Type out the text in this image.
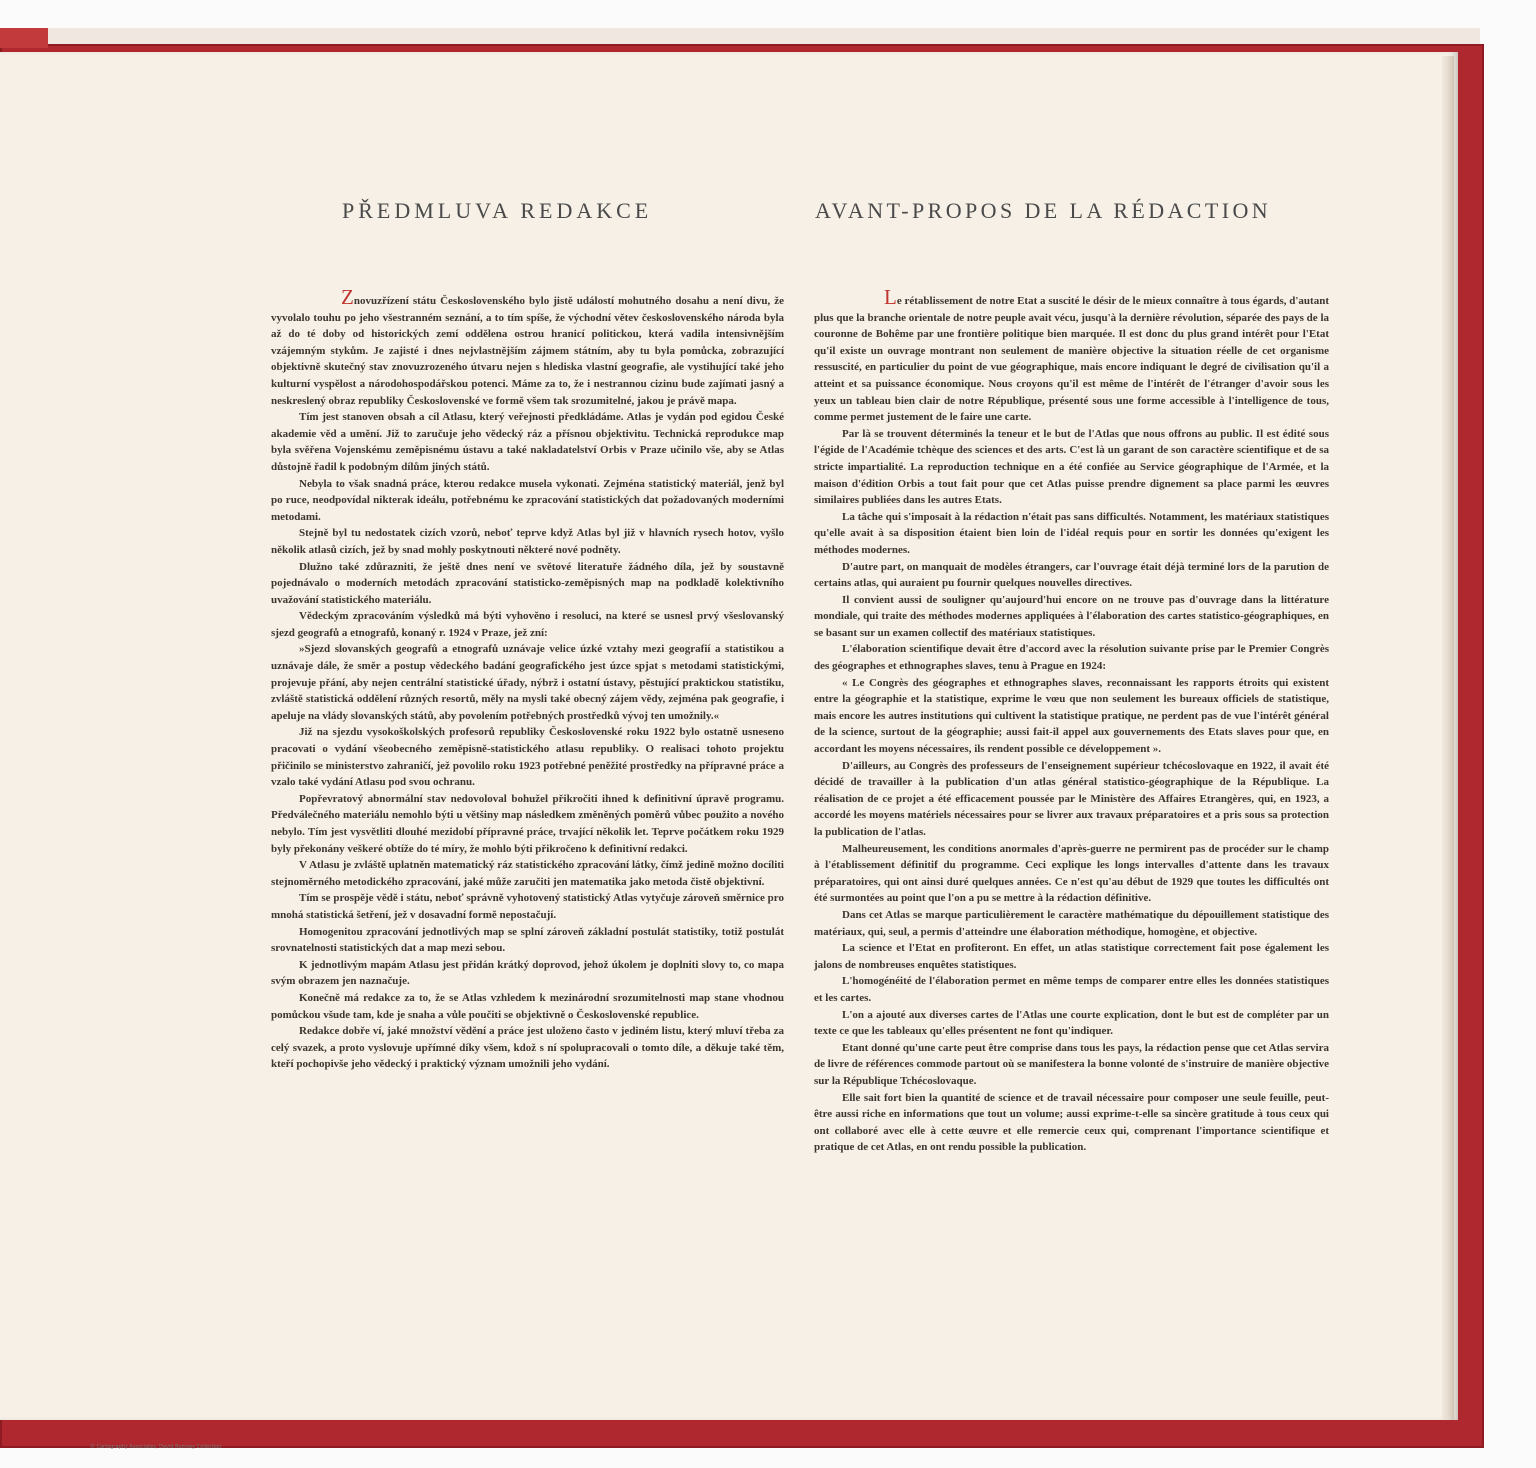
PŘEDMLUVA REDAKCE	AVANT-PROPOS DE LA RÉDACTION

Znovuzřízení státu Československého bylo jistě událostí mohutného dosahu a není divu, že vyvolalo touhu po jeho všestranném seznání, a to tím spíše, že východní větev československého národa byla až do té doby od historických zemí oddělena ostrou hranicí politickou, která vadila intensivnějším vzájemným stykům. Je zajisté i dnes nejvlastnějším zájmem státním, aby tu byla pomůcka, zobrazující objektivně skutečný stav znovuzrozeného útvaru nejen s hlediska vlastní geografie, ale vystihující také jeho kulturní vyspělost a národohospodářskou potenci. Máme za to, že i nestrannou cizinu bude zajímati jasný a neskreslený obraz republiky Československé ve formě všem tak srozumitelné, jakou je právě mapa.

Tím jest stanoven obsah a cíl Atlasu, který veřejnosti předkládáme. Atlas je vydán pod egidou České akademie věd a umění. Již to zaručuje jeho vědecký ráz a přísnou objektivitu. Technická reprodukce map byla svěřena Vojenskému zeměpisnému ústavu a také nakladatelství Orbis v Praze učinilo vše, aby se Atlas důstojně řadil k podobným dílům jiných států.

Nebyla to však snadná práce, kterou redakce musela vykonati. Zejména statistický materiál, jenž byl po ruce, neodpovídal nikterak ideálu, potřebnému ke zpracování statistických dat požadovaných moderními metodami.

Stejně byl tu nedostatek cizích vzorů, neboť teprve když Atlas byl již v hlavních rysech hotov, vyšlo několik atlasů cizích, jež by snad mohly poskytnouti některé nové podněty.

Dlužno také zdůrazniti, že ještě dnes není ve světové literatuře žádného díla, jež by soustavně pojednávalo o moderních metodách zpracování statisticko-zeměpisných map na podkladě kolektivního uvažování statistického materiálu.

Vědeckým zpracováním výsledků má býti vyhověno i resoluci, na které se usnesl prvý všeslovanský sjezd geografů a etnografů, konaný r. 1924 v Praze, jež zní:

»Sjezd slovanských geografů a etnografů uznávaje velice úzké vztahy mezi geografií a statistikou a uznávaje dále, že směr a postup vědeckého badání geografického jest úzce spjat s metodami statistickými, projevuje přání, aby nejen centrální statistické úřady, nýbrž i ostatní ústavy, pěstující praktickou statistiku, zvláště statistická oddělení různých resortů, měly na mysli také obecný zájem vědy, zejména pak geografie, i apeluje na vlády slovanských států, aby povolením potřebných prostředků vývoj ten umožnily.«

Již na sjezdu vysokoškolských profesorů republiky Československé roku 1922 bylo ostatně usneseno pracovati o vydání všeobecného zeměpisně-statistického atlasu republiky. O realisaci tohoto projektu přičinilo se ministerstvo zahraničí, jež povolilo roku 1923 potřebné peněžité prostředky na přípravné práce a vzalo také vydání Atlasu pod svou ochranu.

Popřevratový abnormální stav nedovoloval bohužel přikročiti ihned k definitivní úpravě programu. Předválečného materiálu nemohlo býti u většiny map následkem změněných poměrů vůbec použito a nového nebylo. Tím jest vysvětliti dlouhé mezidobí přípravné práce, trvající několik let. Teprve počátkem roku 1929 byly překonány veškeré obtíže do té míry, že mohlo býti přikročeno k definitivní redakci.

V Atlasu je zvláště uplatněn matematický ráz statistického zpracování látky, čímž jedině možno docíliti stejnoměrného metodického zpracování, jaké může zaručiti jen matematika jako metoda čistě objektivní.

Tím se prospěje vědě i státu, neboť správně vyhotovený statistický Atlas vytyčuje zároveň směrnice pro mnohá statistická šetření, jež v dosavadní formě nepostačují.

Homogenitou zpracování jednotlivých map se splní zároveň základní postulát statistiky, totiž postulát srovnatelnosti statistických dat a map mezi sebou.

K jednotlivým mapám Atlasu jest přidán krátký doprovod, jehož úkolem je doplniti slovy to, co mapa svým obrazem jen naznačuje.

Konečně má redakce za to, že se Atlas vzhledem k mezinárodní srozumitelnosti map stane vhodnou pomůckou všude tam, kde je snaha a vůle poučiti se objektivně o Československé republice.

Redakce dobře ví, jaké množství vědění a práce jest uloženo často v jediném listu, který mluví třeba za celý svazek, a proto vyslovuje upřímné díky všem, kdož s ní spolupracovali o tomto díle, a děkuje také těm, kteří pochopivše jeho vědecký i praktický význam umožnili jeho vydání.

Le rétablissement de notre Etat a suscité le désir de le mieux connaître à tous égards, d'autant plus que la branche orientale de notre peuple avait vécu, jusqu'à la dernière révolution, séparée des pays de la couronne de Bohême par une frontière politique bien marquée. Il est donc du plus grand intérêt pour l'Etat qu'il existe un ouvrage montrant non seulement de manière objective la situation réelle de cet organisme ressuscité, en particulier du point de vue géographique, mais encore indiquant le degré de civilisation qu'il a atteint et sa puissance économique. Nous croyons qu'il est même de l'intérêt de l'étranger d'avoir sous les yeux un tableau bien clair de notre République, présenté sous une forme accessible à l'intelligence de tous, comme permet justement de le faire une carte.

Par là se trouvent déterminés la teneur et le but de l'Atlas que nous offrons au public. Il est édité sous l'égide de l'Académie tchèque des sciences et des arts. C'est là un garant de son caractère scientifique et de sa stricte impartialité. La reproduction technique en a été confiée au Service géographique de l'Armée, et la maison d'édition Orbis a tout fait pour que cet Atlas puisse prendre dignement sa place parmi les œuvres similaires publiées dans les autres Etats.

La tâche qui s'imposait à la rédaction n'était pas sans difficultés. Notamment, les matériaux statistiques qu'elle avait à sa disposition étaient bien loin de l'idéal requis pour en sortir les données qu'exigent les méthodes modernes.

D'autre part, on manquait de modèles étrangers, car l'ouvrage était déjà terminé lors de la parution de certains atlas, qui auraient pu fournir quelques nouvelles directives.

Il convient aussi de souligner qu'aujourd'hui encore on ne trouve pas d'ouvrage dans la littérature mondiale, qui traite des méthodes modernes appliquées à l'élaboration des cartes statistico-géographiques, en se basant sur un examen collectif des matériaux statistiques.

L'élaboration scientifique devait être d'accord avec la résolution suivante prise par le Premier Congrès des géographes et ethnographes slaves, tenu à Prague en 1924:

« Le Congrès des géographes et ethnographes slaves, reconnaissant les rapports étroits qui existent entre la géographie et la statistique, exprime le vœu que non seulement les bureaux officiels de statistique, mais encore les autres institutions qui cultivent la statistique pratique, ne perdent pas de vue l'intérêt général de la science, surtout de la géographie; aussi fait-il appel aux gouvernements des Etats slaves pour que, en accordant les moyens nécessaires, ils rendent possible ce développement ».

D'ailleurs, au Congrès des professeurs de l'enseignement supérieur tchécoslovaque en 1922, il avait été décidé de travailler à la publication d'un atlas général statistico-géographique de la République. La réalisation de ce projet a été efficacement poussée par le Ministère des Affaires Etrangères, qui, en 1923, a accordé les moyens matériels nécessaires pour se livrer aux travaux préparatoires et a pris sous sa protection la publication de l'atlas.

Malheureusement, les conditions anormales d'après-guerre ne permirent pas de procéder sur le champ à l'établissement définitif du programme. Ceci explique les longs intervalles d'attente dans les travaux préparatoires, qui ont ainsi duré quelques années. Ce n'est qu'au début de 1929 que toutes les difficultés ont été surmontées au point que l'on a pu se mettre à la rédaction définitive.

Dans cet Atlas se marque particulièrement le caractère mathématique du dépouillement statistique des matériaux, qui, seul, a permis d'atteindre une élaboration méthodique, homogène, et objective.

La science et l'Etat en profiteront. En effet, un atlas statistique correctement fait pose également les jalons de nombreuses enquêtes statistiques.

L'homogénéité de l'élaboration permet en même temps de comparer entre elles les données statistiques et les cartes.

L'on a ajouté aux diverses cartes de l'Atlas une courte explication, dont le but est de compléter par un texte ce que les tableaux qu'elles présentent ne font qu'indiquer.

Etant donné qu'une carte peut être comprise dans tous les pays, la rédaction pense que cet Atlas servira de livre de références commode partout où se manifestera la bonne volonté de s'instruire de manière objective sur la République Tchécoslovaque.

Elle sait fort bien la quantité de science et de travail nécessaire pour composer une seule feuille, peut-être aussi riche en informations que tout un volume; aussi exprime-t-elle sa sincère gratitude à tous ceux qui ont collaboré avec elle à cette œuvre et elle remercie ceux qui, comprenant l'importance scientifique et pratique de cet Atlas, en ont rendu possible la publication.

© Cartography Associates, David Rumsey Collection
